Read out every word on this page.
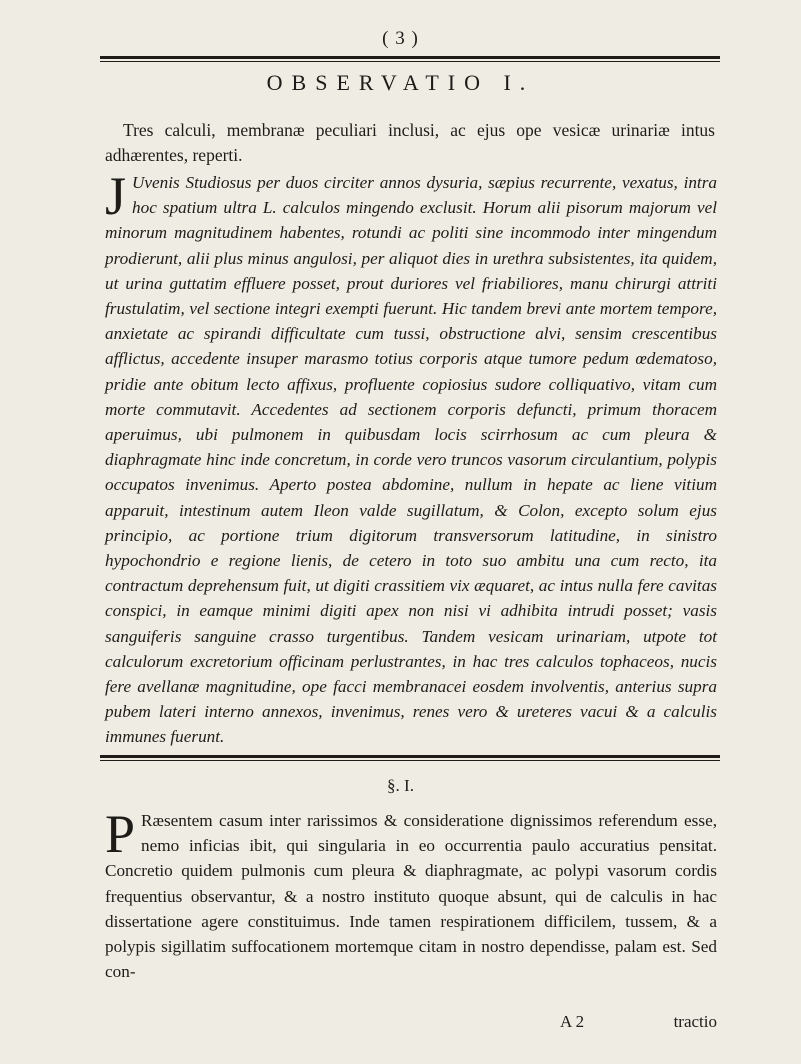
( 3 )
OBSERVATIO I.
Tres calculi, membranæ peculiari inclusi, ac ejus ope vesicæ urinariæ intus adhærentes, reperti.
J Uvenis Studiosus per duos circiter annos dysuria, sæpius recurrente, vexatus, intra hoc spatium ultra L. calculos mingendo exclusit. Horum alii pisorum majorum vel minorum magnitudinem habentes, rotundi ac politi sine incommodo inter mingendum prodierunt, alii plus minus angulosi, per aliquot dies in urethra subsistentes, ita quidem, ut urina guttatim effluere posset, prout duriores vel friabiliores, manu chirurgi attriti frustulatim, vel sectione integri exempti fuerunt. Hic tandem brevi ante mortem tempore, anxietate ac spirandi difficultate cum tussi, obstructione alvi, sensim crescentibus afflictus, accedente insuper marasmo totius corporis atque tumore pedum œdematoso, pridie ante obitum lecto affixus, profluente copiosius sudore colliquativo, vitam cum morte commutavit. Accedentes ad sectionem corporis defuncti, primum thoracem aperuimus, ubi pulmonem in quibusdam locis scirrhosum ac cum pleura & diaphragmate hinc inde concretum, in corde vero truncos vasorum circulantium, polypis occupatos invenimus. Aperto postea abdomine, nullum in hepate ac liene vitium apparuit, intestinum autem Ileon valde sugillatum, & Colon, excepto solum ejus principio, ac portione trium digitorum transversorum latitudine, in sinistro hypochondrio e regione lienis, de cetero in toto suo ambitu una cum recto, ita contractum deprehensum fuit, ut digiti crassitiem vix æquaret, ac intus nulla fere cavitas conspici, in eamque minimi digiti apex non nisi vi adhibita intrudi posset; vasis sanguiferis sanguine crasso turgentibus. Tandem vesicam urinariam, utpote tot calculorum excretorium officinam perlustrantes, in hac tres calculos tophaceos, nucis fere avellanæ magnitudine, ope facci membranacei eosdem involventis, anterius supra pubem lateri interno annexos, invenimus, renes vero & ureteres vacui & a calculis immunes fuerunt.
§. I.
P Ræsentem casum inter rarissimos & considerationе dignissimos referendum esse, nemo inficias ibit, qui singularia in eo occurrentia paulo accuratius pensitat. Concretio quidem pulmonis cum pleura & diaphragmate, ac polypi vasorum cordis frequentius observantur, & a nostro instituto quoque absunt, qui de calculis in hac dissertatione agere constituimus. Inde tamen respirationem difficilem, tussem, & a polypis sigillatim suffocationem mortemque citam in nostro dependisse, palam est. Sed con-
A 2	tractio
